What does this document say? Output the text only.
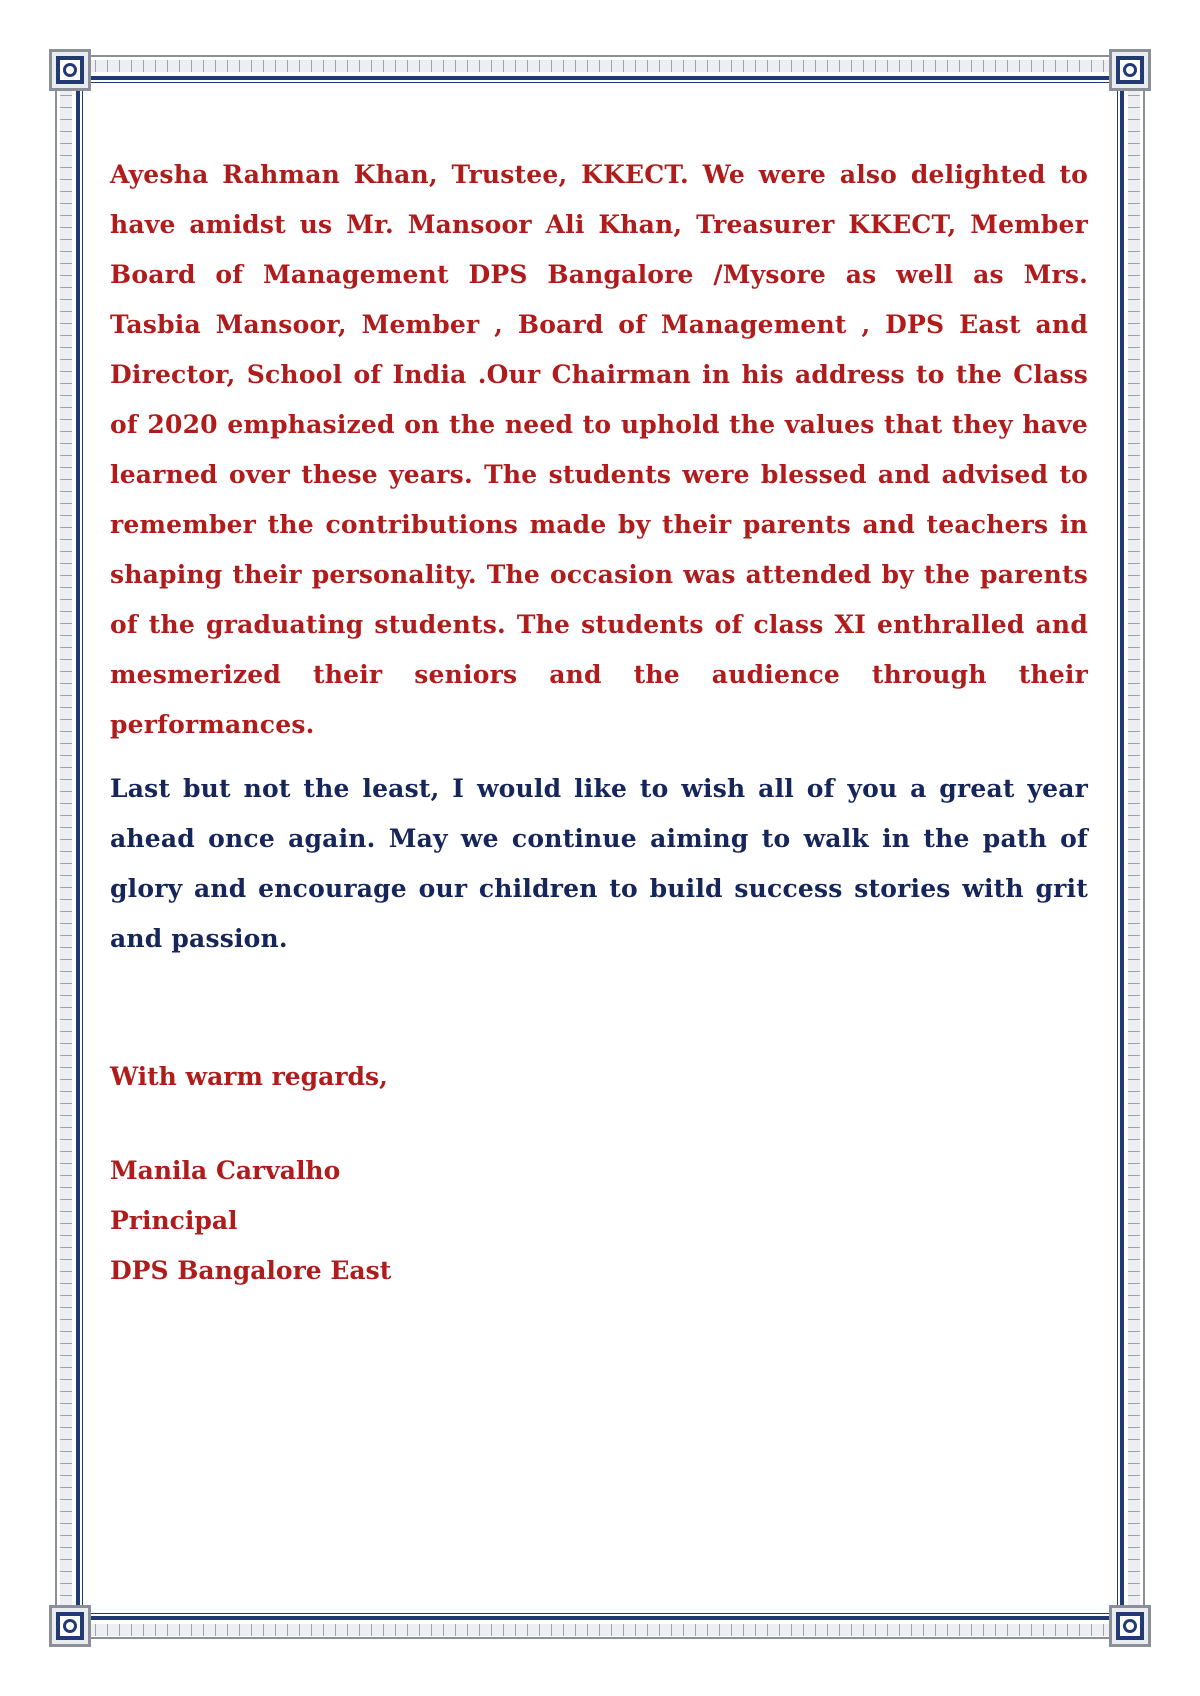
Ayesha Rahman Khan, Trustee, KKECT. We were also delighted to have amidst us Mr. Mansoor Ali Khan, Treasurer KKECT, Member Board of Management DPS Bangalore /Mysore as well as Mrs. Tasbia Mansoor, Member , Board of Management , DPS East and Director, School of India .Our Chairman in his address to the Class of 2020 emphasized on the need to uphold the values that they have learned over these years. The students were blessed and advised to remember the contributions made by their parents and teachers in shaping their personality. The occasion was attended by the parents of the graduating students. The students of class XI enthralled and mesmerized their seniors and the audience through their performances.

Last but not the least, I would like to wish all of you a great year ahead once again. May we continue aiming to walk in the path of glory and encourage our children to build success stories with grit and passion.

With warm regards,
Manila Carvalho
Principal
DPS Bangalore East
